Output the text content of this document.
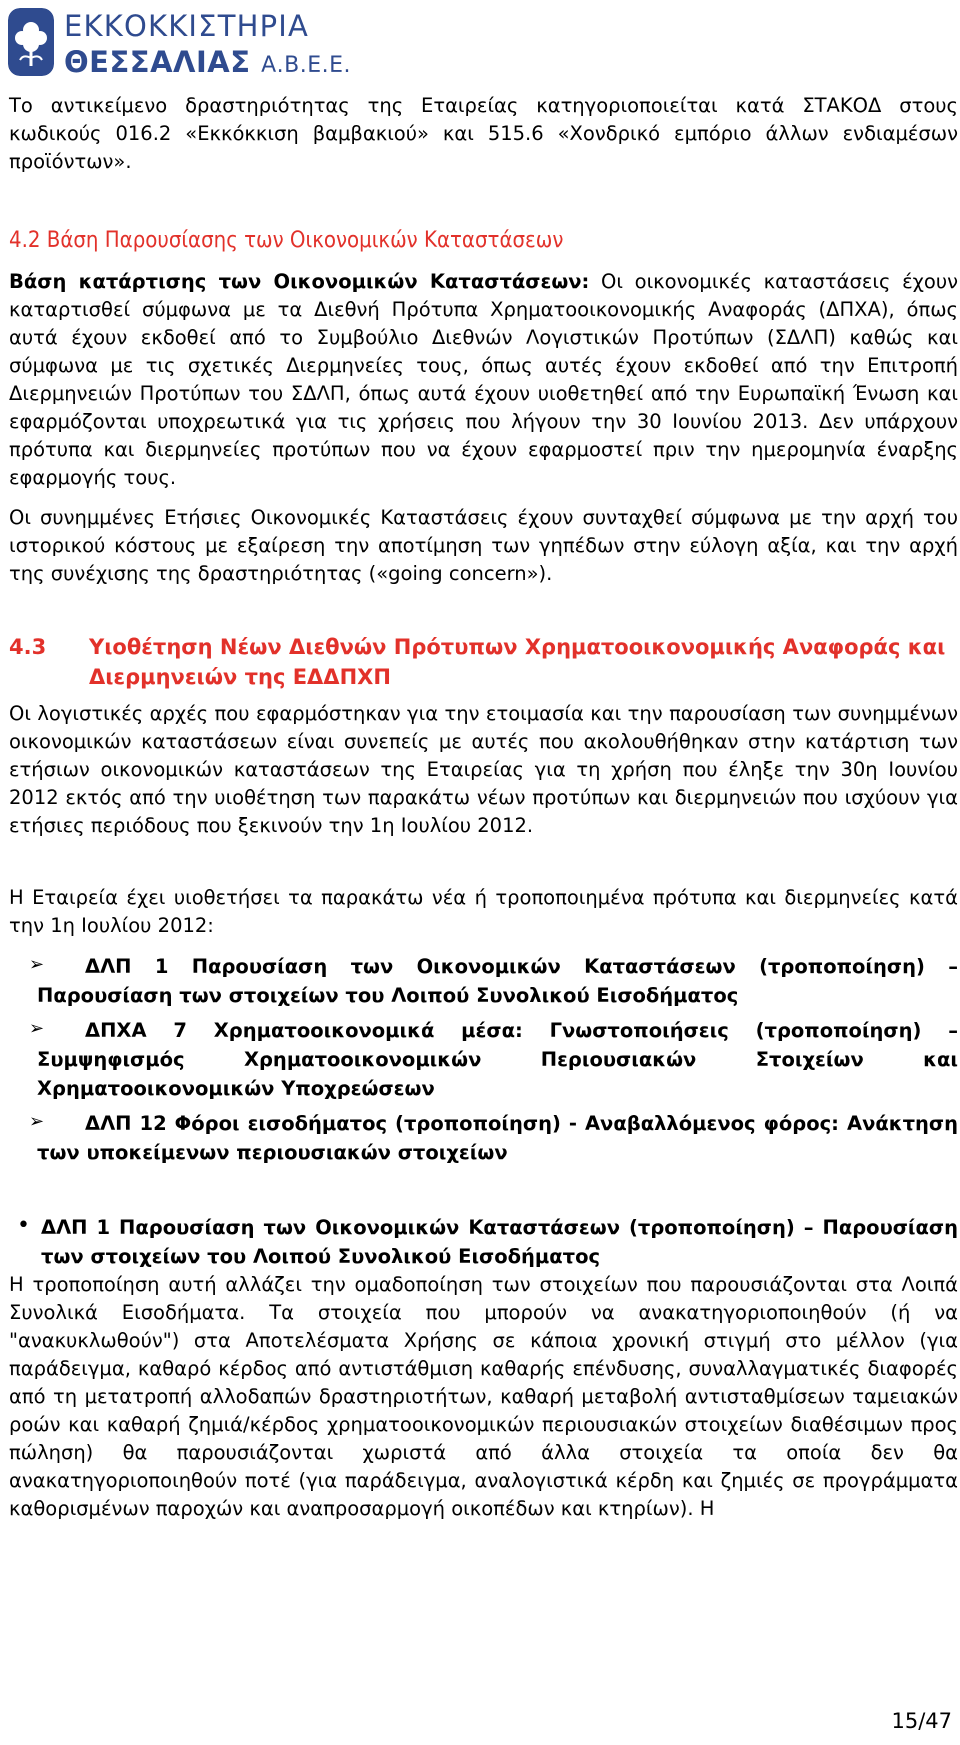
ΕΚΚΟΚΚΙΣΤΗΡΙΑ
ΘΕΣΣΑΛΙΑΣ Α.Β.Ε.Ε.

Το αντικείμενο δραστηριότητας της Εταιρείας κατηγοριοποιείται κατά ΣΤΑΚΟΔ στους κωδικούς 016.2 «Εκκόκκιση βαμβακιού» και 515.6 «Χονδρικό εμπόριο άλλων ενδιαμέσων προϊόντων».

4.2 Βάση Παρουσίασης των Οικονομικών Καταστάσεων

Βάση κατάρτισης των Οικονομικών Καταστάσεων: Οι οικονομικές καταστάσεις έχουν καταρτισθεί σύμφωνα με τα Διεθνή Πρότυπα Χρηματοοικονομικής Αναφοράς (ΔΠΧΑ), όπως αυτά έχουν εκδοθεί από το Συμβούλιο Διεθνών Λογιστικών Προτύπων (ΣΔΛΠ) καθώς και σύμφωνα με τις σχετικές Διερμηνείες τους, όπως αυτές έχουν εκδοθεί από την Επιτροπή Διερμηνειών Προτύπων του ΣΔΛΠ, όπως αυτά έχουν υιοθετηθεί από την Ευρωπαϊκή Ένωση και εφαρμόζονται υποχρεωτικά για τις χρήσεις που λήγουν την 30 Ιουνίου 2013. Δεν υπάρχουν πρότυπα και διερμηνείες προτύπων που να έχουν εφαρμοστεί πριν την ημερομηνία έναρξης εφαρμογής τους.

Οι συνημμένες Ετήσιες Οικονομικές Καταστάσεις έχουν συνταχθεί σύμφωνα με την αρχή του ιστορικού κόστους με εξαίρεση την αποτίμηση των γηπέδων στην εύλογη αξία, και την αρχή της συνέχισης της δραστηριότητας («going concern»).

4.3	Υιοθέτηση Νέων Διεθνών Πρότυπων Χρηματοοικονομικής Αναφοράς και Διερμηνειών της ΕΔΔΠΧΠ

Οι λογιστικές αρχές που εφαρμόστηκαν για την ετοιμασία και την παρουσίαση των συνημμένων οικονομικών καταστάσεων είναι συνεπείς με αυτές που ακολουθήθηκαν στην κατάρτιση των ετήσιων οικονομικών καταστάσεων της Εταιρείας για τη χρήση που έληξε την 30η Ιουνίου 2012 εκτός από την υιοθέτηση των παρακάτω νέων προτύπων και διερμηνειών που ισχύουν για ετήσιες περιόδους που ξεκινούν την 1η Ιουλίου 2012.

Η Εταιρεία έχει υιοθετήσει τα παρακάτω νέα ή τροποποιημένα πρότυπα και διερμηνείες κατά την 1η Ιουλίου 2012:

➢	ΔΛΠ 1 Παρουσίαση των Οικονομικών Καταστάσεων (τροποποίηση) – Παρουσίαση των στοιχείων του Λοιπού Συνολικού Εισοδήματος

➢	ΔΠΧΑ 7 Χρηματοοικονομικά μέσα: Γνωστοποιήσεις (τροποποίηση) – Συμψηφισμός Χρηματοοικονομικών Περιουσιακών Στοιχείων και Χρηματοοικονομικών Υποχρεώσεων

➢	ΔΛΠ 12 Φόροι εισοδήματος (τροποποίηση) - Αναβαλλόμενος φόρος: Ανάκτηση των υποκείμενων περιουσιακών στοιχείων

• ΔΛΠ 1 Παρουσίαση των Οικονομικών Καταστάσεων (τροποποίηση) – Παρουσίαση των στοιχείων του Λοιπού Συνολικού Εισοδήματος

Η τροποποίηση αυτή αλλάζει την ομαδοποίηση των στοιχείων που παρουσιάζονται στα Λοιπά Συνολικά Εισοδήματα. Τα στοιχεία που μπορούν να ανακατηγοριοποιηθούν (ή να "ανακυκλωθούν") στα Αποτελέσματα Χρήσης σε κάποια χρονική στιγμή στο μέλλον (για παράδειγμα, καθαρό κέρδος από αντιστάθμιση καθαρής επένδυσης, συναλλαγματικές διαφορές από τη μετατροπή αλλοδαπών δραστηριοτήτων, καθαρή μεταβολή αντισταθμίσεων ταμειακών ροών και καθαρή ζημιά/κέρδος χρηματοοικονομικών περιουσιακών στοιχείων διαθέσιμων προς πώληση) θα παρουσιάζονται χωριστά από άλλα στοιχεία τα οποία δεν θα ανακατηγοριοποιηθούν ποτέ (για παράδειγμα, αναλογιστικά κέρδη και ζημιές σε προγράμματα καθορισμένων παροχών και αναπροσαρμογή οικοπέδων και κτηρίων). Η

15/47
